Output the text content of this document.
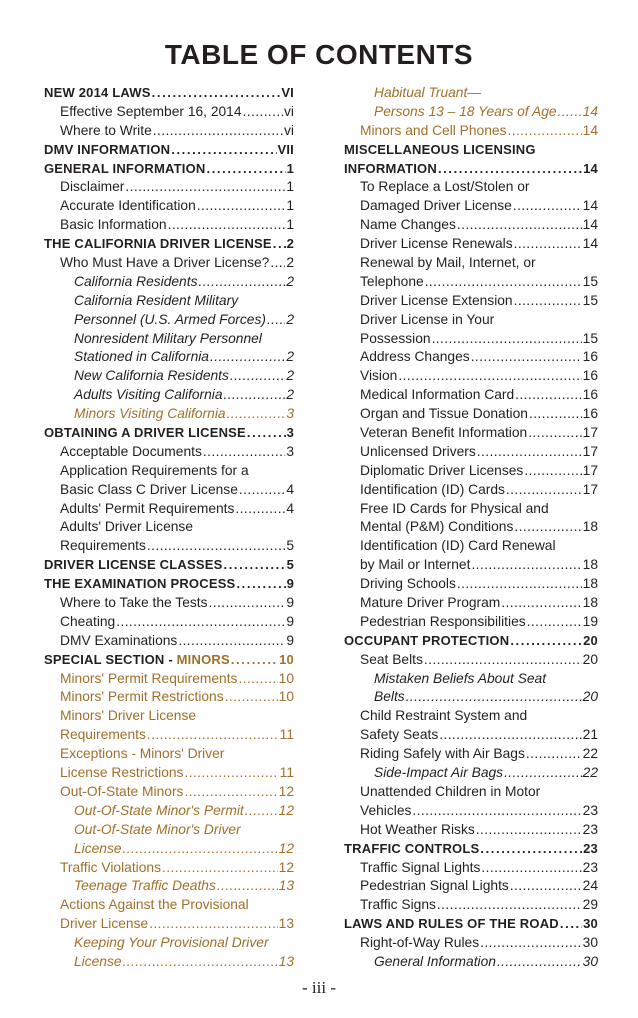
TABLE OF CONTENTS
NEW 2014 LAWS .....	VI
Effective September 16, 2014 .....	vi
Where to Write .....	vi
DMV INFORMATION .....	VII
GENERAL INFORMATION .....	1
Disclaimer .....	1
Accurate Identification .....	1
Basic Information .....	1
THE CALIFORNIA DRIVER LICENSE ..... 2
Who Must Have a Driver License? ..... 2
California Residents .....	2
California Resident Military
Personnel (U.S. Armed Forces) ..... 2
Nonresident Military Personnel
Stationed in California .....	2
New California Residents .....	2
Adults Visiting California .....	2
Minors Visiting California .....	3
OBTAINING A DRIVER LICENSE .....	3
Acceptable Documents .....	3
Application Requirements for a
Basic Class C Driver License .....	4
Adults' Permit Requirements .....	4
Adults' Driver License
Requirements .....	5
DRIVER LICENSE CLASSES .....	5
THE EXAMINATION PROCESS .....	9
Where to Take the Tests .....	9
Cheating .....	9
DMV Examinations .....	9
SPECIAL SECTION - MINORS .....	10
Minors' Permit Requirements .....	10
Minors' Permit Restrictions .....	10
Minors' Driver License
Requirements .....	11
Exceptions - Minors' Driver
License Restrictions .....	11
Out-Of-State Minors .....	12
Out-Of-State Minor's Permit .....	12
Out-Of-State Minor's Driver
License .....	12
Traffic Violations .....	12
Teenage Traffic Deaths .....	13
Actions Against the Provisional
Driver License .....	13
Keeping Your Provisional Driver
License .....	13
Habitual Truant—
Persons 13 – 18 Years of Age ..... 14
Minors and Cell Phones .....	14
MISCELLANEOUS LICENSING
INFORMATION .....	14
To Replace a Lost/Stolen or
Damaged Driver License .....	14
Name Changes .....	14
Driver License Renewals .....	14
Renewal by Mail, Internet, or
Telephone .....	15
Driver License Extension .....	15
Driver License in Your
Possession .....	15
Address Changes .....	16
Vision .....	16
Medical Information Card .....	16
Organ and Tissue Donation .....	16
Veteran Benefit Information .....	17
Unlicensed Drivers .....	17
Diplomatic Driver Licenses .....	17
Identification (ID) Cards .....	17
Free ID Cards for Physical and
Mental (P&M) Conditions .....	18
Identification (ID) Card Renewal
by Mail or Internet .....	18
Driving Schools .....	18
Mature Driver Program .....	18
Pedestrian Responsibilities .....	19
OCCUPANT PROTECTION .....	20
Seat Belts .....	20
Mistaken Beliefs About Seat
Belts .....	20
Child Restraint System and
Safety Seats .....	21
Riding Safely with Air Bags .....	22
Side-Impact Air Bags .....	22
Unattended Children in Motor
Vehicles .....	23
Hot Weather Risks .....	23
TRAFFIC CONTROLS .....	23
Traffic Signal Lights .....	23
Pedestrian Signal Lights .....	24
Traffic Signs .....	29
LAWS AND RULES OF THE ROAD ..... 30
Right-of-Way Rules .....	30
General Information .....	30
- iii -
